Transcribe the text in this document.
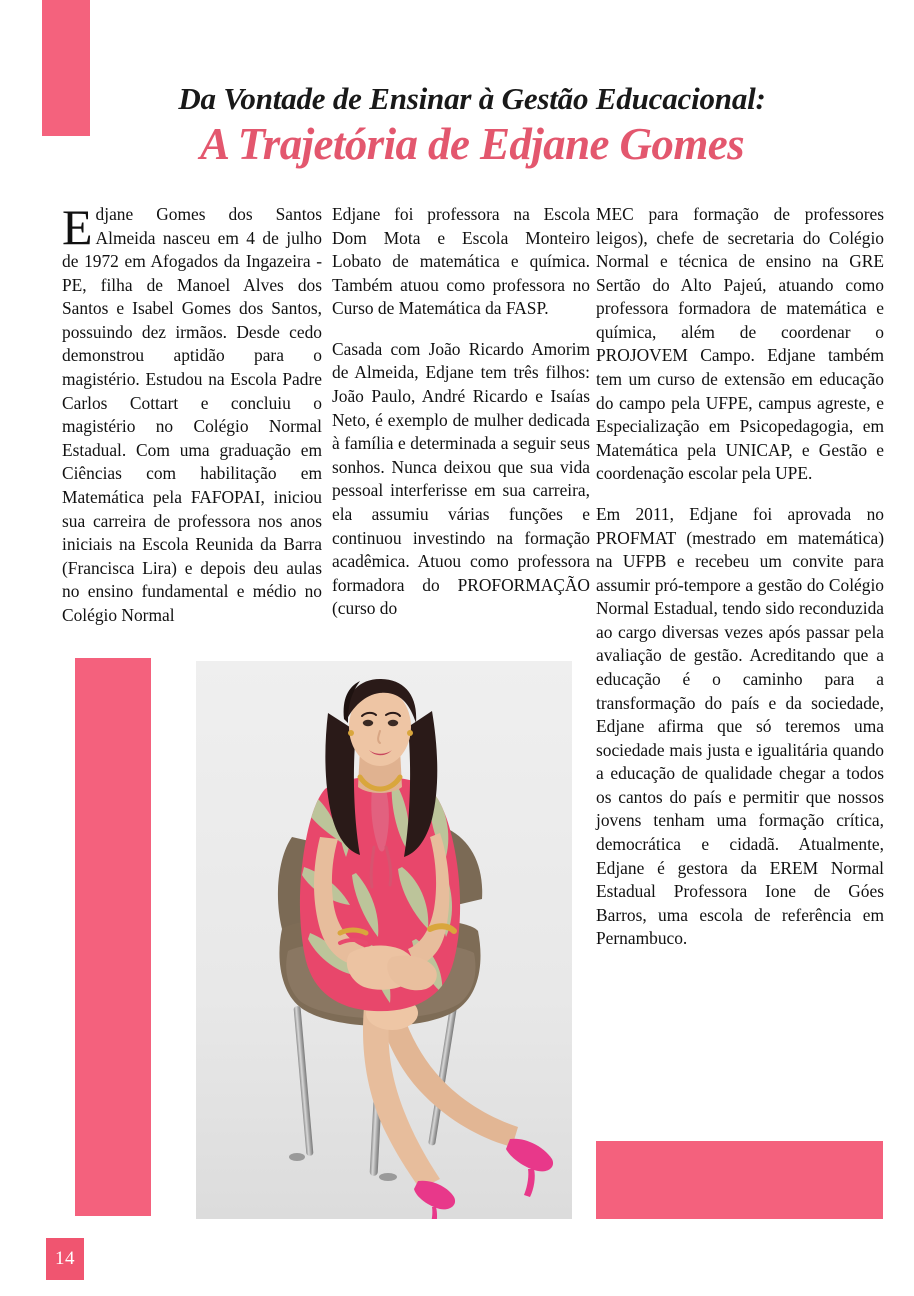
Da Vontade de Ensinar à Gestão Educacional:
A Trajetória de Edjane Gomes

Edjane Gomes dos Santos Almeida nasceu em 4 de julho de 1972 em Afogados da Ingazeira - PE, filha de Manoel Alves dos Santos e Isabel Gomes dos Santos, possuindo dez irmãos. Desde cedo demonstrou aptidão para o magistério. Estudou na Escola Padre Carlos Cottart e concluiu o magistério no Colégio Normal Estadual. Com uma graduação em Ciências com habilitação em Matemática pela FAFOPAI, iniciou sua carreira de professora nos anos iniciais na Escola Reunida da Barra (Francisca Lira) e depois deu aulas no ensino fundamental e médio no Colégio Normal

Edjane foi professora na Escola Dom Mota e Escola Monteiro Lobato de matemática e química. Também atuou como professora no Curso de Matemática da FASP.

Casada com João Ricardo Amorim de Almeida, Edjane tem três filhos: João Paulo, André Ricardo e Isaías Neto, é exemplo de mulher dedicada à família e determinada a seguir seus sonhos. Nunca deixou que sua vida pessoal interferisse em sua carreira, ela assumiu várias funções e continuou investindo na formação acadêmica. Atuou como professora formadora do PROFORMAÇÃO (curso do

MEC para formação de professores leigos), chefe de secretaria do Colégio Normal e técnica de ensino na GRE Sertão do Alto Pajeú, atuando como professora formadora de matemática e química, além de coordenar o PROJOVEM Campo. Edjane também tem um curso de extensão em educação do campo pela UFPE, campus agreste, e Especialização em Psicopedagogia, em Matemática pela UNICAP, e Gestão e coordenação escolar pela UPE.

Em 2011, Edjane foi aprovada no PROFMAT (mestrado em matemática) na UFPB e recebeu um convite para assumir pró-tempore a gestão do Colégio Normal Estadual, tendo sido reconduzida ao cargo diversas vezes após passar pela avaliação de gestão. Acreditando que a educação é o caminho para a transformação do país e da sociedade, Edjane afirma que só teremos uma sociedade mais justa e igualitária quando a educação de qualidade chegar a todos os cantos do país e permitir que nossos jovens tenham uma formação crítica, democrática e cidadã. Atualmente, Edjane é gestora da EREM Normal Estadual Professora Ione de Góes Barros, uma escola de referência em Pernambuco.

14
